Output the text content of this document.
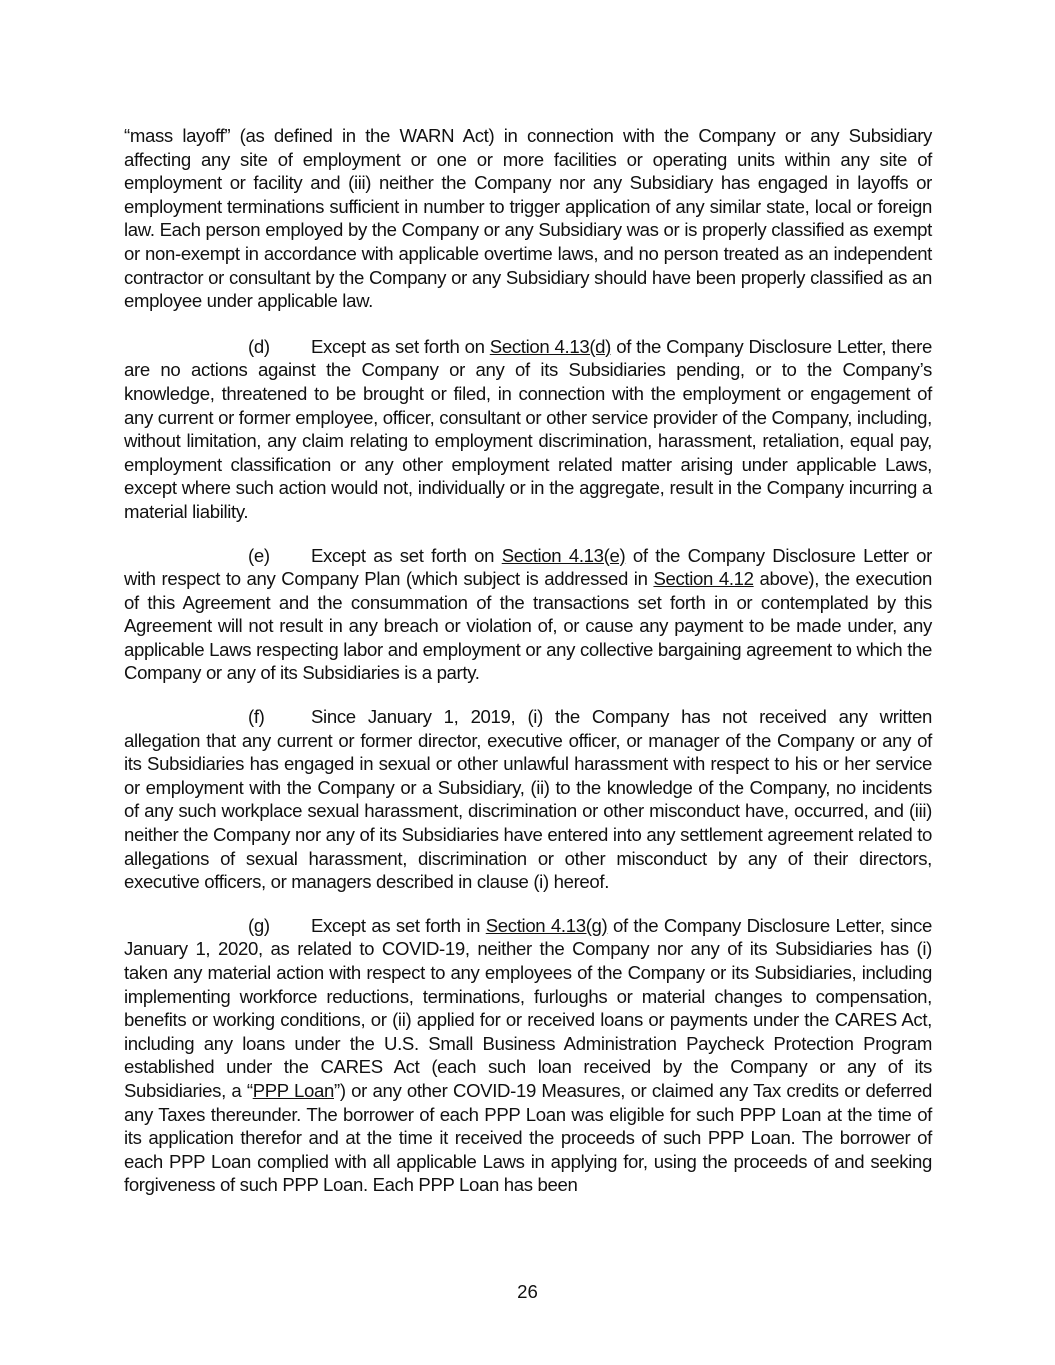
“mass layoff” (as defined in the WARN Act) in connection with the Company or any Subsidiary affecting any site of employment or one or more facilities or operating units within any site of employment or facility and (iii) neither the Company nor any Subsidiary has engaged in layoffs or employment terminations sufficient in number to trigger application of any similar state, local or foreign law. Each person employed by the Company or any Subsidiary was or is properly classified as exempt or non-exempt in accordance with applicable overtime laws, and no person treated as an independent contractor or consultant by the Company or any Subsidiary should have been properly classified as an employee under applicable law.

(d) Except as set forth on Section 4.13(d) of the Company Disclosure Letter, there are no actions against the Company or any of its Subsidiaries pending, or to the Company’s knowledge, threatened to be brought or filed, in connection with the employment or engagement of any current or former employee, officer, consultant or other service provider of the Company, including, without limitation, any claim relating to employment discrimination, harassment, retaliation, equal pay, employment classification or any other employment related matter arising under applicable Laws, except where such action would not, individually or in the aggregate, result in the Company incurring a material liability.

(e) Except as set forth on Section 4.13(e) of the Company Disclosure Letter or with respect to any Company Plan (which subject is addressed in Section 4.12 above), the execution of this Agreement and the consummation of the transactions set forth in or contemplated by this Agreement will not result in any breach or violation of, or cause any payment to be made under, any applicable Laws respecting labor and employment or any collective bargaining agreement to which the Company or any of its Subsidiaries is a party.

(f)	Since January 1, 2019, (i) the Company has not received any written allegation that any current or former director, executive officer, or manager of the Company or any of its Subsidiaries has engaged in sexual or other unlawful harassment with respect to his or her service or employment with the Company or a Subsidiary, (ii) to the knowledge of the Company, no incidents of any such workplace sexual harassment, discrimination or other misconduct have, occurred, and (iii) neither the Company nor any of its Subsidiaries have entered into any settlement agreement related to allegations of sexual harassment, discrimination or other misconduct by any of their directors, executive officers, or managers described in clause (i) hereof.

(g) Except as set forth in Section 4.13(g) of the Company Disclosure Letter, since January 1, 2020, as related to COVID-19, neither the Company nor any of its Subsidiaries has (i) taken any material action with respect to any employees of the Company or its Subsidiaries, including implementing workforce reductions, terminations, furloughs or material changes to compensation, benefits or working conditions, or (ii) applied for or received loans or payments under the CARES Act, including any loans under the U.S. Small Business Administration Paycheck Protection Program established under the CARES Act (each such loan received by the Company or any of its Subsidiaries, a “PPP Loan”) or any other COVID-19 Measures, or claimed any Tax credits or deferred any Taxes thereunder. The borrower of each PPP Loan was eligible for such PPP Loan at the time of its application therefor and at the time it received the proceeds of such PPP Loan. The borrower of each PPP Loan complied with all applicable Laws in applying for, using the proceeds of and seeking forgiveness of such PPP Loan. Each PPP Loan has been

26
